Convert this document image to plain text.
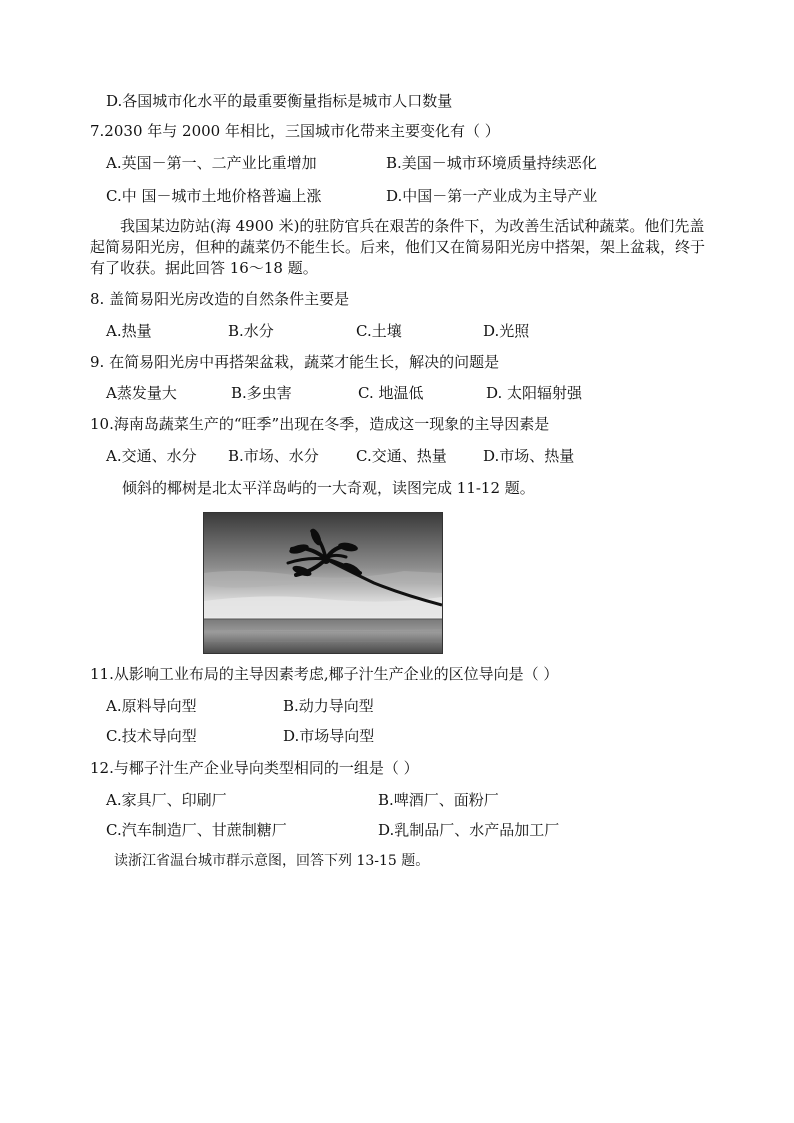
D.各国城市化水平的最重要衡量指标是城市人口数量
7.2030 年与 2000 年相比，三国城市化带来主要变化有（ ）
A.英国－第一、二产业比重增加	B.美国－城市环境质量持续恶化
C.中 国－城市土地价格普遍上涨	D.中国－第一产业成为主导产业
我国某边防站(海 4900 米)的驻防官兵在艰苦的条件下，为改善生活试种蔬菜。他们先盖起简易阳光房，但种的蔬菜仍不能生长。后来，他们又在简易阳光房中搭架，架上盆栽，终于有了收获。据此回答 16～18 题。
8. 盖简易阳光房改造的自然条件主要是
A.热量	B.水分	C.土壤	D.光照
9. 在简易阳光房中再搭架盆栽，蔬菜才能生长，解决的问题是
A蒸发量大	B.多虫害	C. 地温低	D. 太阳辐射强
10.海南岛蔬菜生产的“旺季”出现在冬季，造成这一现象的主导因素是
A.交通、水分 B.市场、水分 C.交通、热量 D.市场、热量
倾斜的椰树是北太平洋岛屿的一大奇观，读图完成 11-12 题。
11.从影响工业布局的主导因素考虑,椰子汁生产企业的区位导向是（ ）
A.原料导向型	B.动力导向型
C.技术导向型	D.市场导向型
12.与椰子汁生产企业导向类型相同的一组是（ ）
A.家具厂、印刷厂	B.啤酒厂、面粉厂
C.汽车制造厂、甘蔗制糖厂	D.乳制品厂、水产品加工厂
读浙江省温台城市群示意图，回答下列 13-15 题。
